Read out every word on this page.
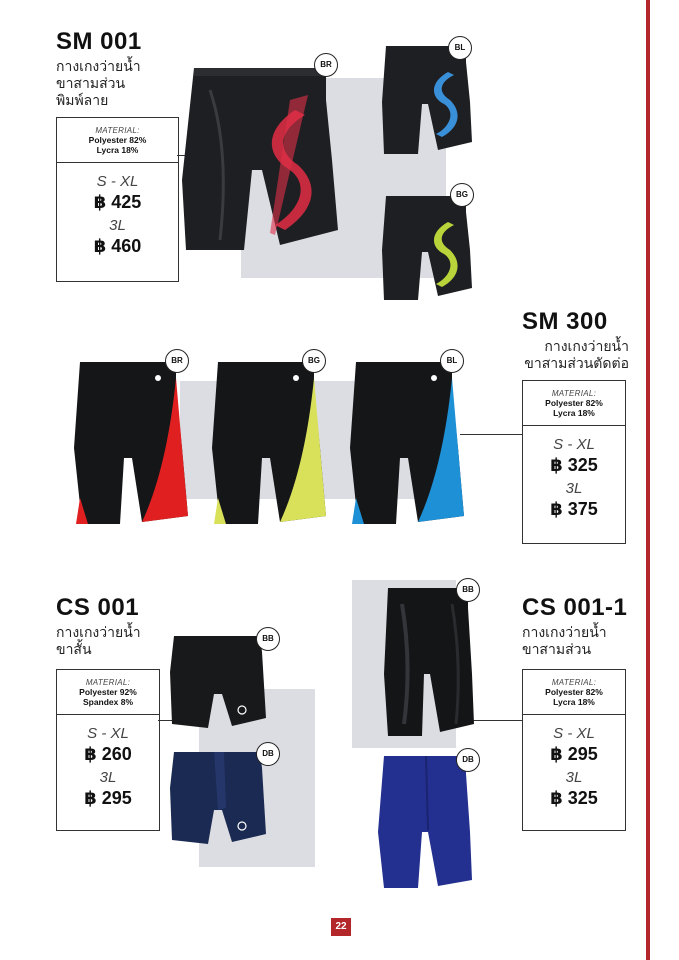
SM 001
กางเกงว่ายน้ำ
ขาสามส่วน
พิมพ์ลาย
MATERIAL:
Polyester 82%
Lycra 18%
S - XL
฿ 425
3L
฿ 460
BR
BL
BG
SM 300
กางเกงว่ายน้ำ
ขาสามส่วนตัดต่อ
MATERIAL:
Polyester 82%
Lycra 18%
S - XL
฿ 325
3L
฿ 375
BR	BG	BL
CS 001
กางเกงว่ายน้ำ
ขาสั้น
MATERIAL:
Polyester 92%
Spandex 8%
S - XL
฿ 260
3L
฿ 295
BB
DB
CS 001-1
กางเกงว่ายน้ำ
ขาสามส่วน
MATERIAL:
Polyester 82%
Lycra 18%
S - XL
฿ 295
3L
฿ 325
BB
DB
22
